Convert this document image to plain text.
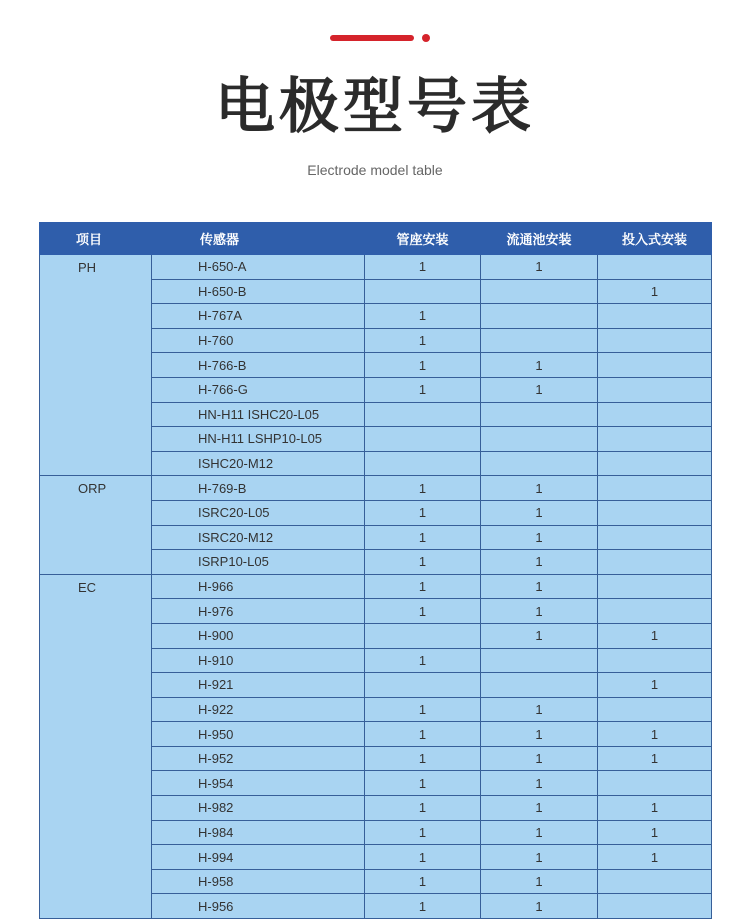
电极型号表
Electrode model table
项目	传感器	管座安装	流通池安装	投入式安装
PH	H-650-A	1	1	
	H-650-B			1
	H-767A	1		
	H-760	1		
	H-766-B	1	1	
	H-766-G	1	1	
	HN-H11 ISHC20-L05			
	HN-H11 LSHP10-L05			
	ISHC20-M12			
ORP	H-769-B	1	1	
	ISRC20-L05	1	1	
	ISRC20-M12	1	1	
	ISRP10-L05	1	1	
EC	H-966	1	1	
	H-976	1	1	
	H-900		1	1
	H-910	1		
	H-921			1
	H-922	1	1	
	H-950	1	1	1
	H-952	1	1	1
	H-954	1	1	
	H-982	1	1	1
	H-984	1	1	1
	H-994	1	1	1
	H-958	1	1	
	H-956	1	1	
